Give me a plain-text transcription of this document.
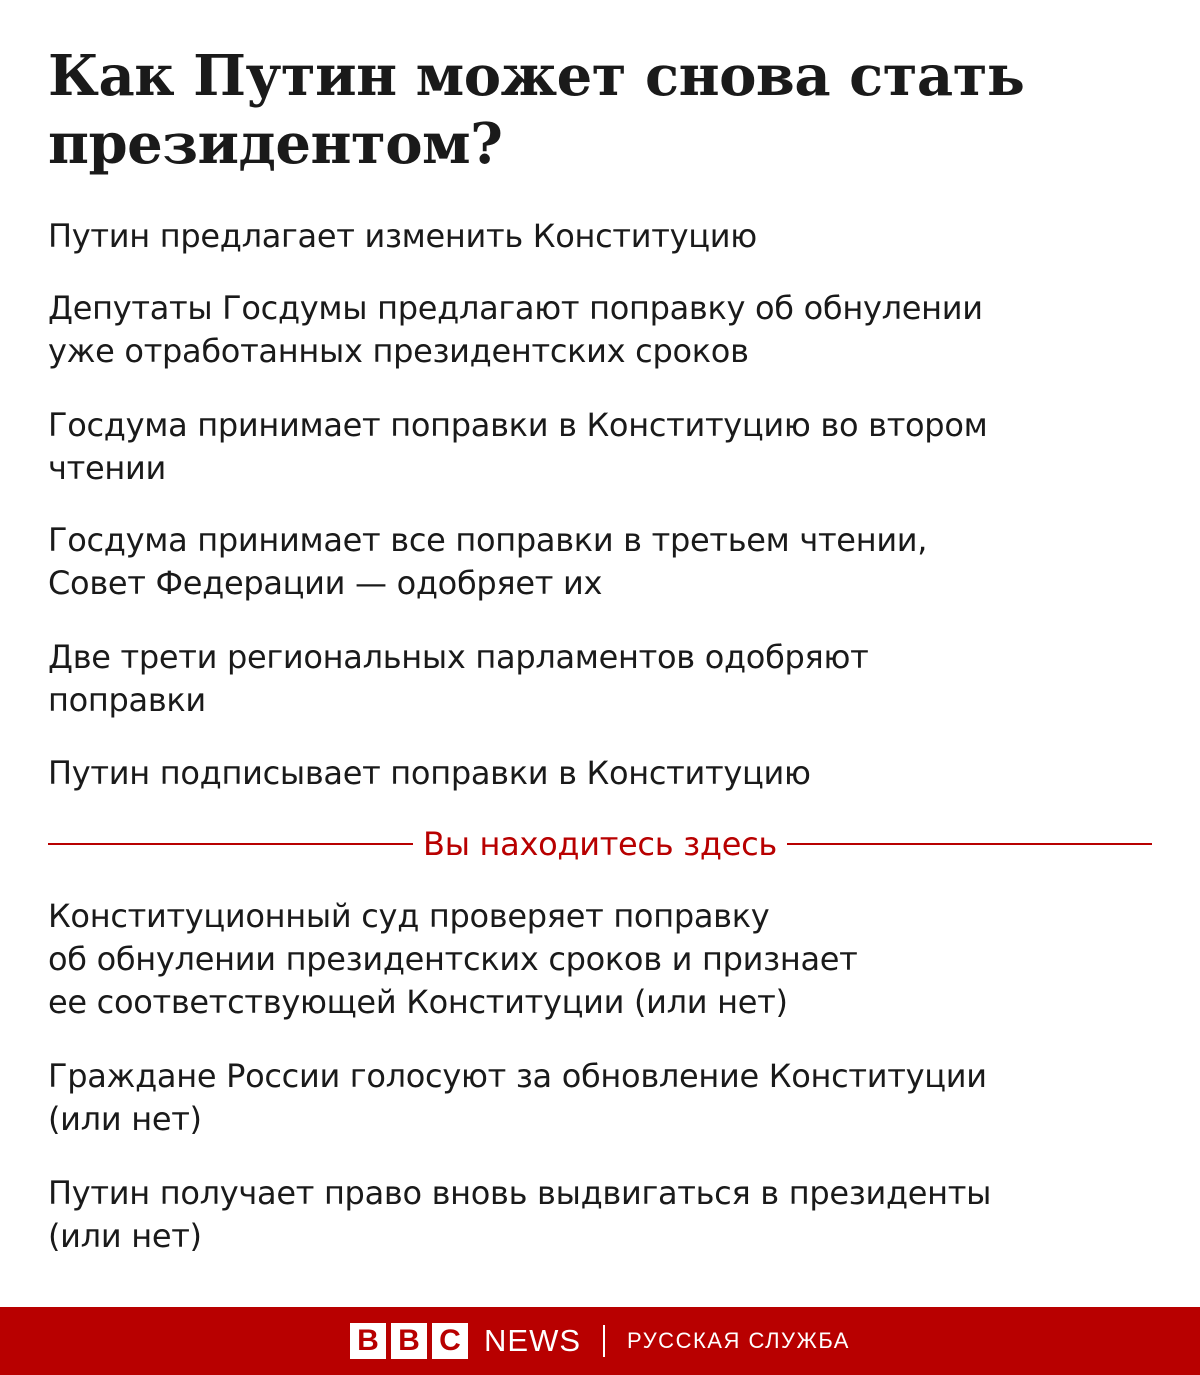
Как Путин может снова стать президентом?

Путин предлагает изменить Конституцию

Депутаты Госдумы предлагают поправку об обнулении
уже отработанных президентских сроков

Госдума принимает поправки в Конституцию во втором
чтении

Госдума принимает все поправки в третьем чтении,
Совет Федерации — одобряет их

Две трети региональных парламентов одобряют
поправки

Путин подписывает поправки в Конституцию

Вы находитесь здесь

Конституционный суд проверяет поправку
об обнулении президентских сроков и признает
ее соответствующей Конституции (или нет)

Граждане России голосуют за обновление Конституции
(или нет)

Путин получает право вновь выдвигаться в президенты
(или нет)

B B C NEWS РУССКАЯ СЛУЖБА
